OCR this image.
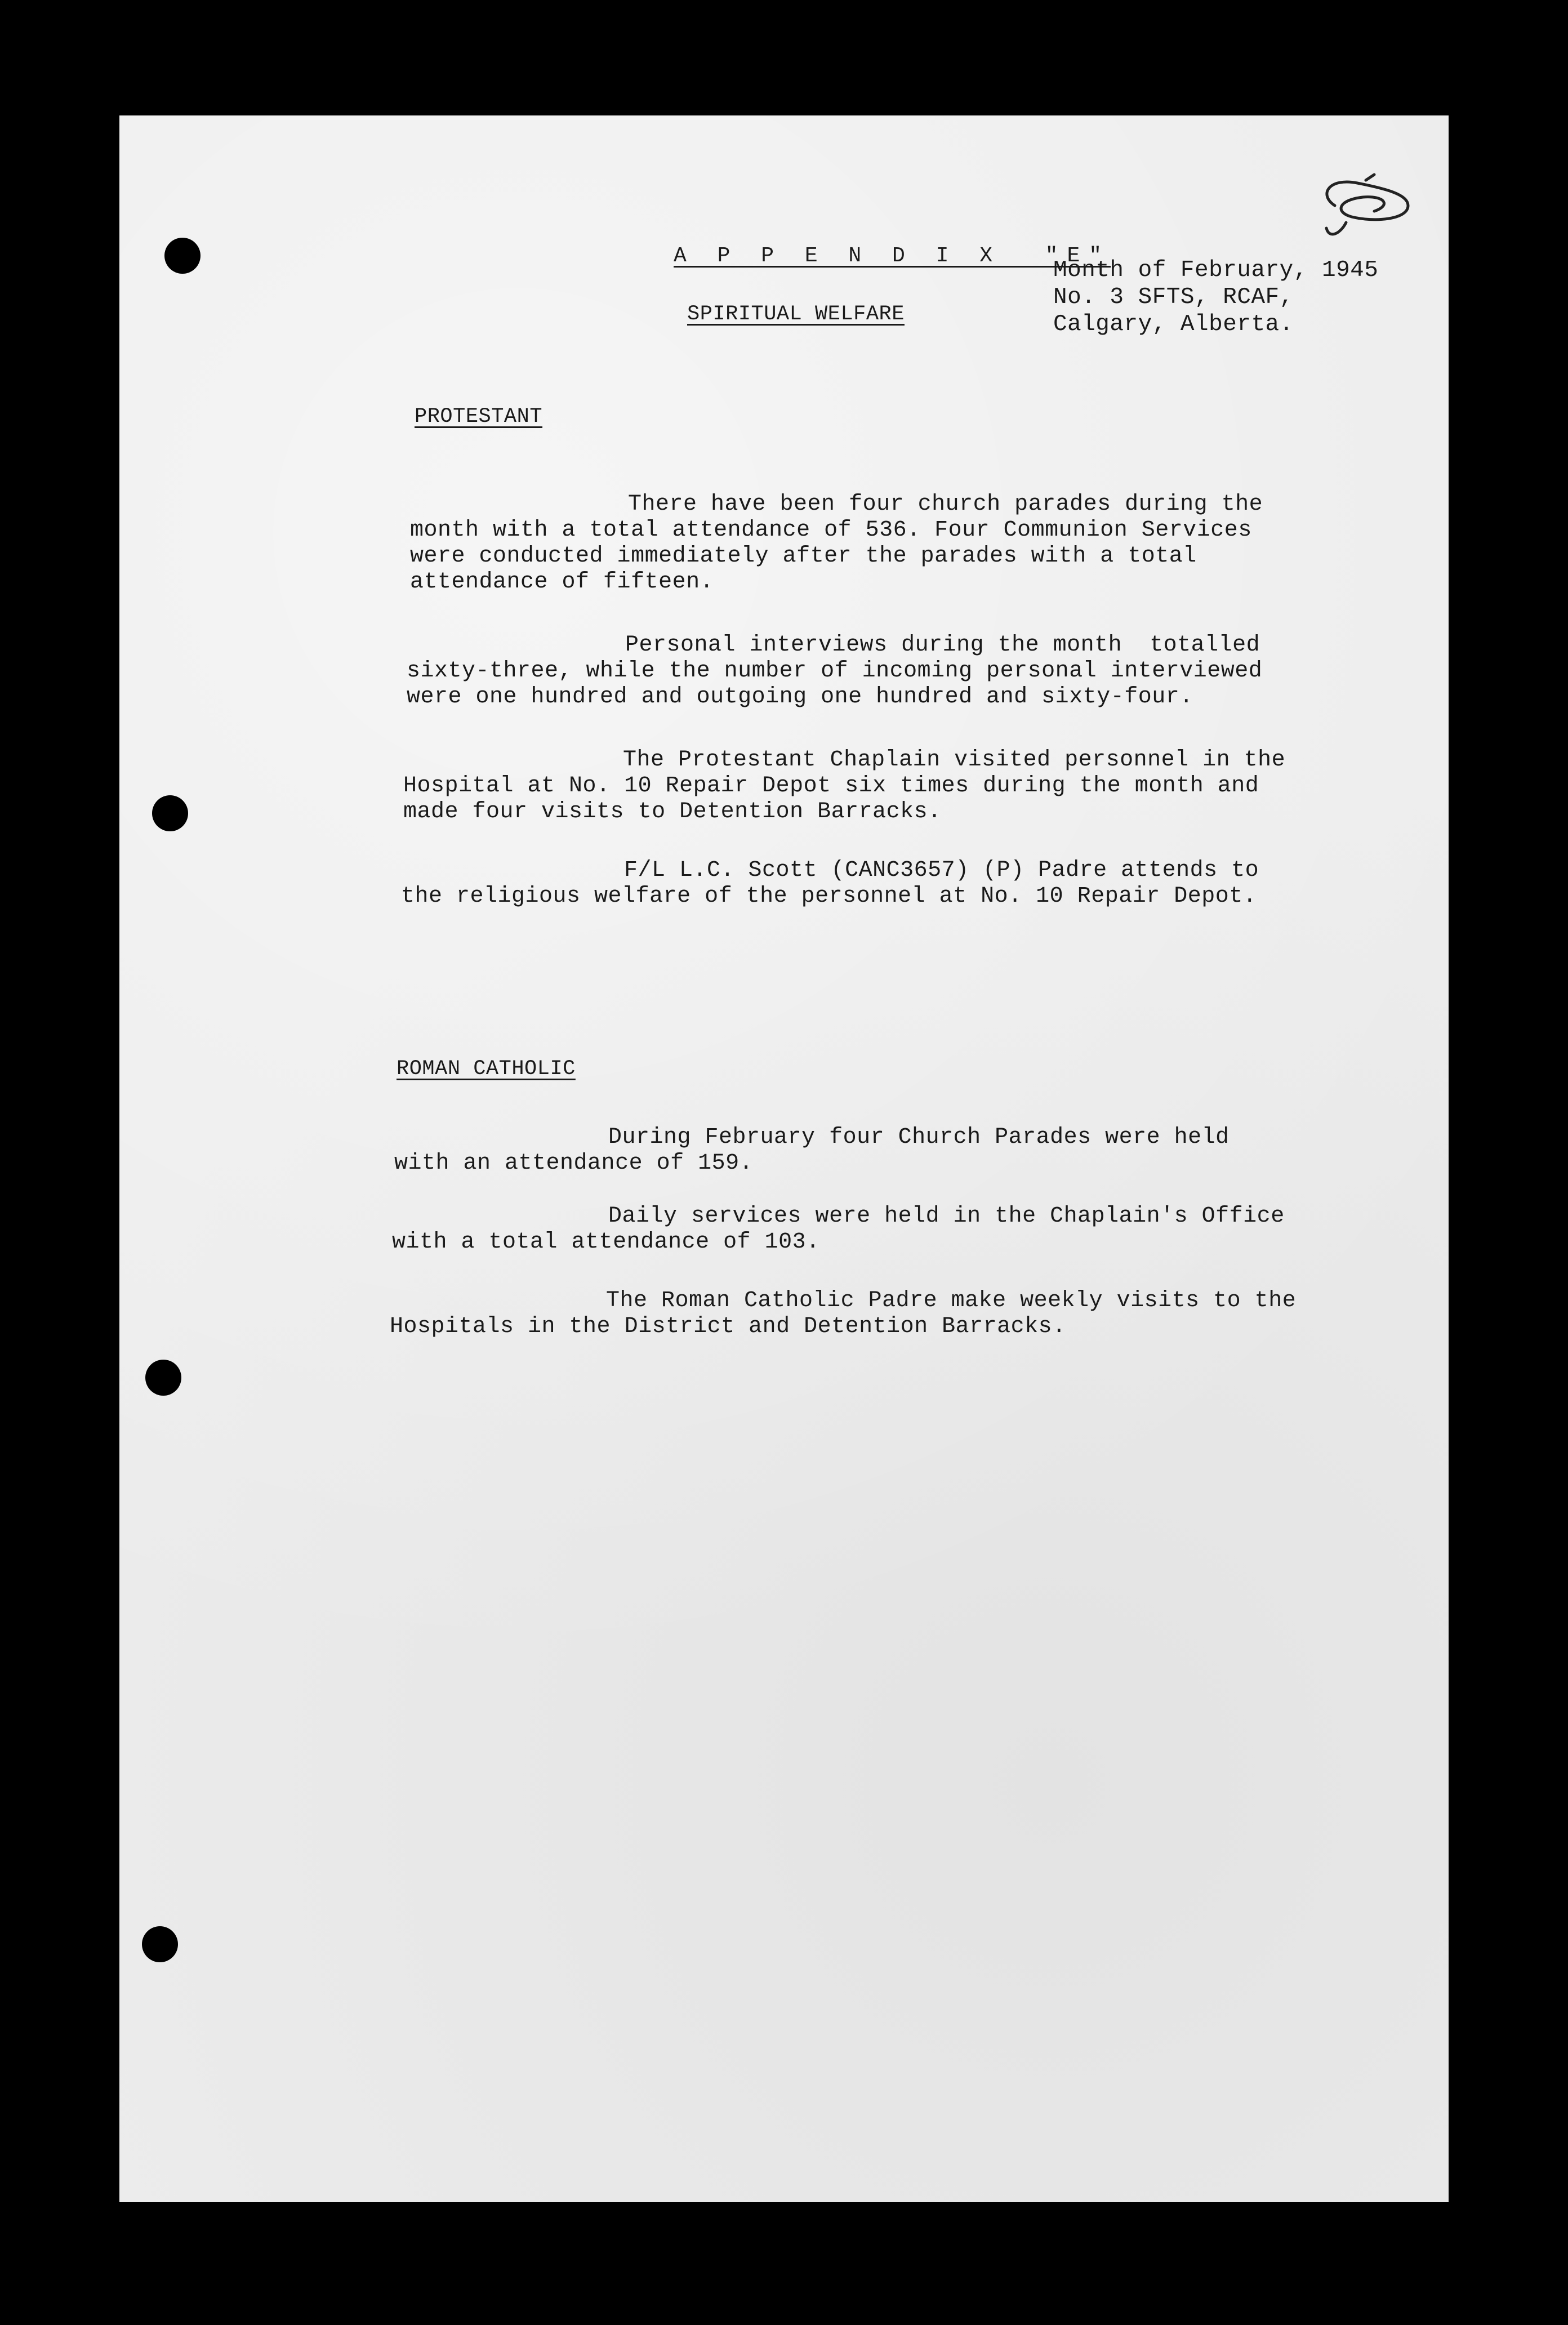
A P P E N D I X  "E"
SPIRITUAL WELFARE
Month of February, 1945
No. 3 SFTS, RCAF,
Calgary, Alberta.
PROTESTANT
There have been four church parades during the
month with a total attendance of 536. Four Communion Services
were conducted immediately after the parades with a total
attendance of fifteen.
Personal interviews during the month  totalled
sixty-three, while the number of incoming personal interviewed
were one hundred and outgoing one hundred and sixty-four.
The Protestant Chaplain visited personnel in the
Hospital at No. 10 Repair Depot six times during the month and
made four visits to Detention Barracks.
F/L L.C. Scott (CANC3657) (P) Padre attends to
the religious welfare of the personnel at No. 10 Repair Depot.
ROMAN CATHOLIC
During February four Church Parades were held
with an attendance of 159.
Daily services were held in the Chaplain's Office
with a total attendance of 103.
The Roman Catholic Padre make weekly visits to the
Hospitals in the District and Detention Barracks.
